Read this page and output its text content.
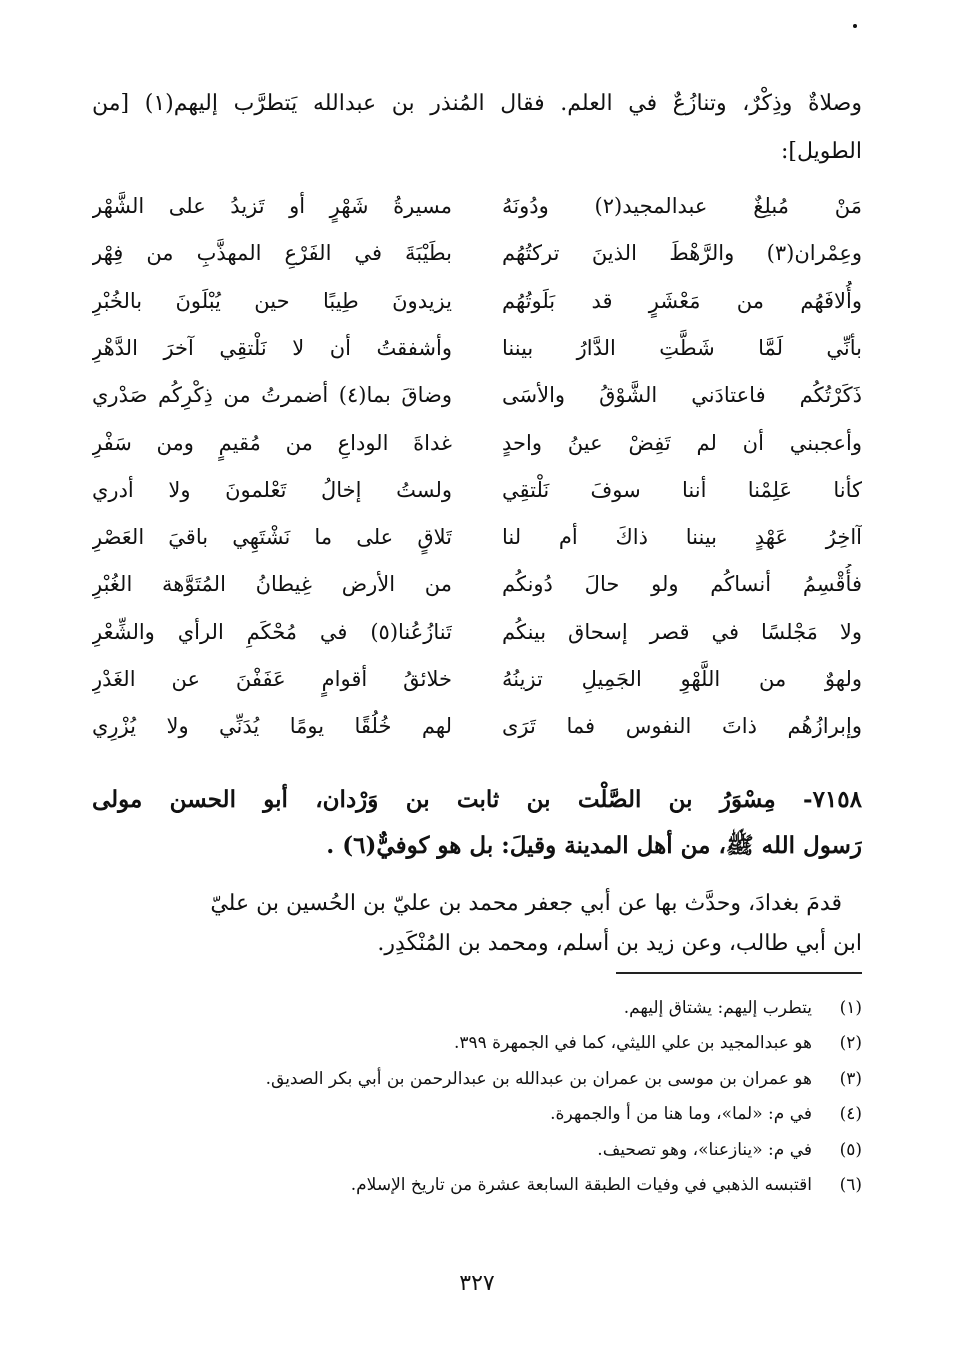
وصلاةٌ وذِكْرٌ، وتنازُعٌ في العلم. فقال المُنذر بن عبدالله يَتطرَّب إليهم(١) [من
الطويل]:
مَنْ مُبلِغٌ عبدالمجيد(٢) ودُونَهُ
مسيرةُ شَهْرٍ أو تَزيدُ على الشَّهْر
وعِمْران(٣) والرَّهْطَ الذينَ تركتُهُم
بطَيْبَةَ في الفَرْعِ المهذَّبِ من فِهْر
وأُلافَهُم من مَعْشَرٍ قد بَلَوتُهُم
يزيدونَ طِيبًا حين يُبْلَونَ بالخُبْرِ
بأنِّي لَمَّا شَطَّتِ الدَّارُ بيننا
وأشفقتُ أن لا نَلْتقِي آخرَ الدَّهْرِ
ذَكَرْتُكُم فاعتادَني الشَّوْقُ والأسَى
وضاقَ بما(٤) أضمرتُ من ذِكْرِكُم صَدْري
وأعجبني أن لم تَفِضْ عينُ واحدٍ
غداةَ الوداعِ من مُقيمٍ ومن سَفْرِ
كأنا عَلِمْنا أننا سوفَ نَلْتقِي
ولستُ إخالُ تَعْلمونَ ولا أدري
آاخِرُ عَهْدٍ بيننا ذاكَ أم لنا
تَلاقٍ على ما نَشْتَهِي باقيَ العَصْرِ
فأُقْسِمُ أنساكُم ولو حالَ دُونكُم
من الأرض غِيطانُ المُتَوَّهة الغُبْرِ
ولا مَجْلسًا في قصر إسحاق بينكُم
تَنازُعُنا(٥) في مُحْكَمِ الرأي والشِّعْرِ
ولهوٌ من اللَّهْوِ الجَمِيلِ تزينُهُ
خلائقُ أقوامٍ عَفَفْنَ عن الغَدْرِ
وإبرازُهُم ذاتَ النفوس فما تَرَى
لهم خُلُقًا يومًا يُدَنِّي ولا يُزْرِي
٧١٥٨- مِسْوَرُ بن الصَّلْت بن ثابت بن وَرْدان، أبو الحسن مولى
رَسول الله ﷺ، من أهل المدينة وقيلَ: بل هو كوفيٌّ(٦) .
قدمَ بغدادَ، وحدَّث بها عن أبي جعفر محمد بن عليّ بن الحُسين بن عليّ
ابن أبي طالب، وعن زيد بن أسلم، ومحمد بن المُنْكَدِر.
(١)يتطرب إليهم: يشتاق إليهم.
(٢)هو عبدالمجيد بن علي الليثي، كما في الجمهرة ٣٩٩.
(٣)هو عمران بن موسى بن عمران بن عبدالله بن عبدالرحمن بن أبي بكر الصديق.
(٤)في م: «لما»، وما هنا من أ والجمهرة.
(٥)في م: «ينازعنا»، وهو تصحيف.
(٦)اقتبسه الذهبي في وفيات الطبقة السابعة عشرة من تاريخ الإسلام.
٣٢٧
